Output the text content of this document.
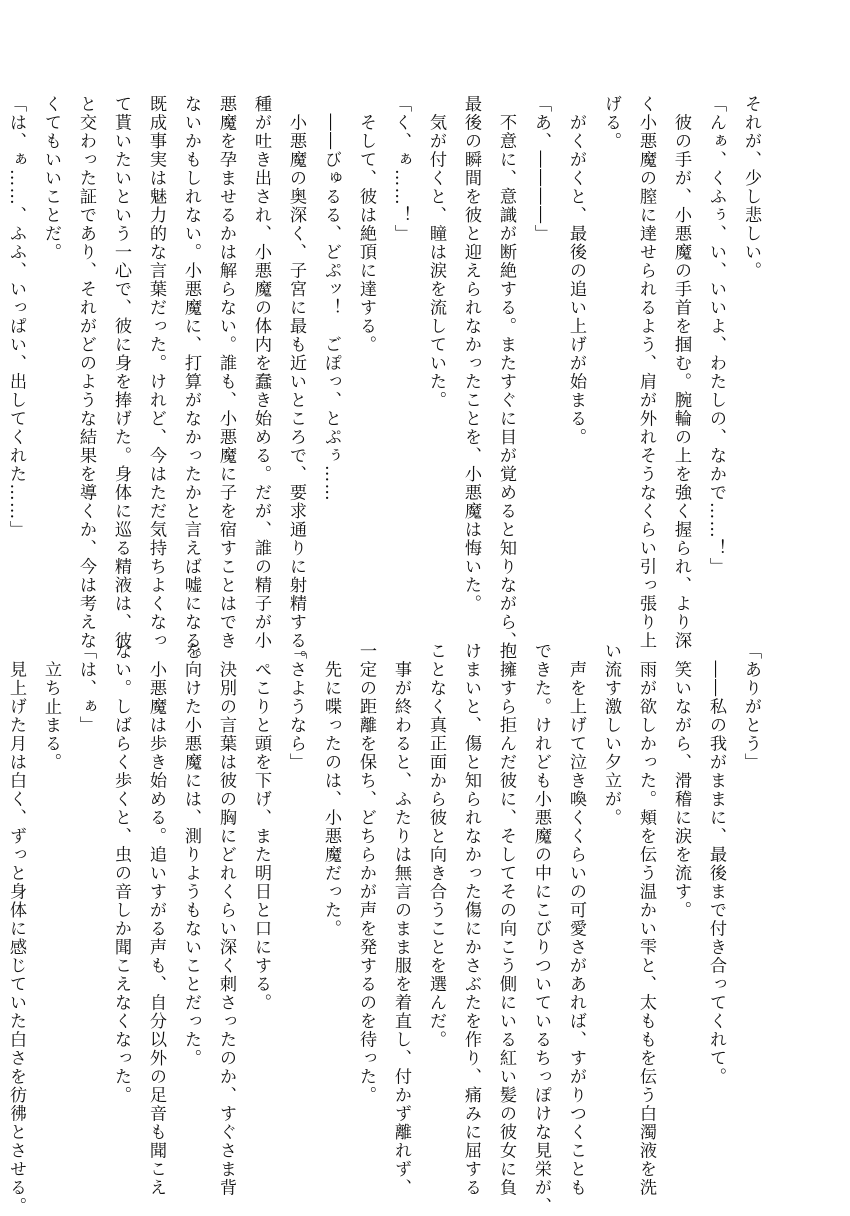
それが、少し悲しい。

「んぁ、くふぅ、い、いいよ、わたしの、なかで……！」

　彼の手が、小悪魔の手首を掴む。腕輪の上を強く握られ、より深

く小悪魔の膣に達せられるよう、肩が外れそうなくらい引っ張り上

げる。

　がくがくと、最後の追い上げが始まる。

「あ、――――」

　不意に、意識が断絶する。またすぐに目が覚めると知りながら、

最後の瞬間を彼と迎えられなかったことを、小悪魔は悔いた。

　気が付くと、瞳は涙を流していた。

「く、ぁ……！」

　そして、彼は絶頂に達する。

　――びゅるる、どぷッ！　ごぽっ、とぷぅ……

　小悪魔の奥深く、子宮に最も近いところで、要求通りに射精する。

種が吐き出され、小悪魔の体内を蠢き始める。だが、誰の精子が小

悪魔を孕ませるかは解らない。誰も、小悪魔に子を宿すことはでき

ないかもしれない。小悪魔に、打算がなかったかと言えば嘘になる。

既成事実は魅力的な言葉だった。けれど、今はただ気持ちよくなっ

て貰いたいという一心で、彼に身を捧げた。身体に巡る精液は、彼

と交わった証であり、それがどのような結果を導くか、今は考えな

くてもいいことだ。

「は、ぁ……、ふふ、いっぱい、出してくれた……」

「ありがとう」

　――私の我がままに、最後まで付き合ってくれて。

　笑いながら、滑稽に涙を流す。

　雨が欲しかった。頬を伝う温かい雫と、太ももを伝う白濁液を洗

い流す激しい夕立が。

　声を上げて泣き喚くくらいの可愛さがあれば、すがりつくことも

できた。けれども小悪魔の中にこびりついているちっぽけな見栄が、

抱擁すら拒んだ彼に、そしてその向こう側にいる紅い髪の彼女に負

けまいと、傷と知られなかった傷にかさぶたを作り、痛みに屈する

ことなく真正面から彼と向き合うことを選んだ。

　事が終わると、ふたりは無言のまま服を着直し、付かず離れず、

一定の距離を保ち、どちらかが声を発するのを待った。

　先に喋ったのは、小悪魔だった。

「さようなら」

　ぺこりと頭を下げ、また明日と口にする。

　決別の言葉は彼の胸にどれくらい深く刺さったのか、すぐさま背

を向けた小悪魔には、測りようもないことだった。

　小悪魔は歩き始める。追いすがる声も、自分以外の足音も聞こえ

ない。しばらく歩くと、虫の音しか聞こえなくなった。

「は、ぁ」

　立ち止まる。

　見上げた月は白く、ずっと身体に感じていた白さを彷彿とさせる。
